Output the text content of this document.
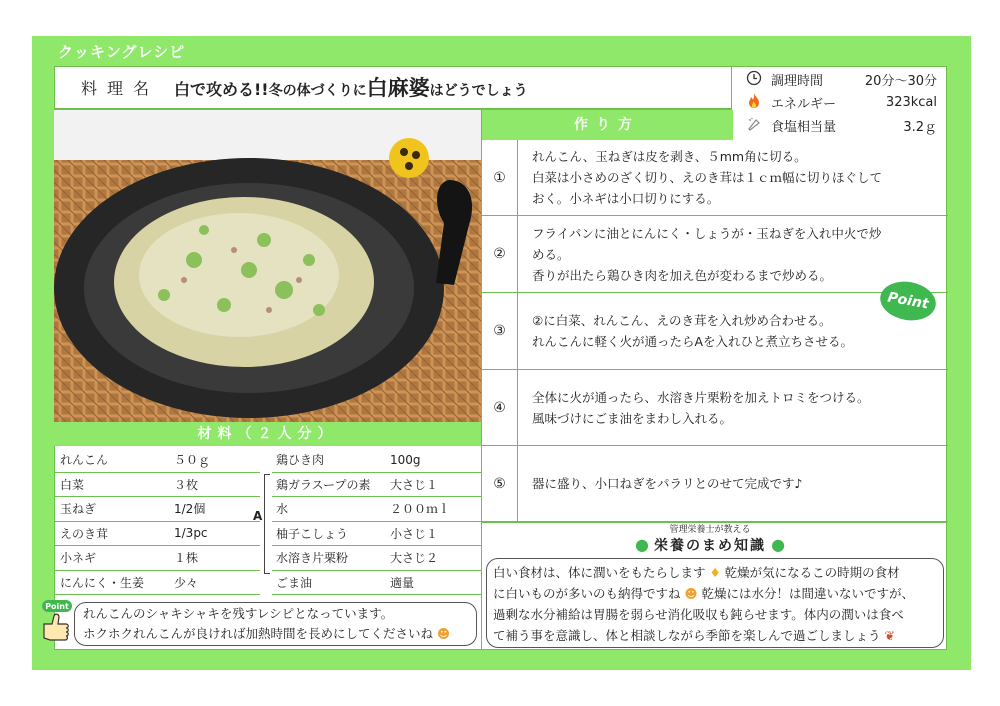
クッキングレシピ
料理名 白で攻める!!冬の体づくりに白麻婆はどうでしょう
調理時間	20分〜30分
エネルギー	323kcal
食塩相当量	3.2ｇ
作り方
①
れんこん、玉ねぎは皮を剥き、５mm角に切る。
白菜は小さめのざく切り、えのき茸は１ｃｍ幅に切りほぐして
おく。小ネギは小口切りにする。
②
フライパンに油とにんにく・しょうが・玉ねぎを入れ中火で炒
める。
香りが出たら鶏ひき肉を加え色が変わるまで炒める。
③
②に白菜、れんこん、えのき茸を入れ炒め合わせる。
れんこんに軽く火が通ったらAを入れひと煮立ちさせる。
④
全体に火が通ったら、水溶き片栗粉を加えトロミをつける。
風味づけにごま油をまわし入れる。
⑤	器に盛り、小口ねぎをパラリとのせて完成です♪
Point
材料（２人分）
れんこん	５０ｇ
白菜	３枚
玉ねぎ	1/2個
えのき茸	1/3pc
小ネギ	１株
にんにく・生姜	少々
A
鶏ひき肉	100g
鶏ガラスープの素	大さじ１
水	２００ｍｌ
柚子こしょう	小さじ１
水溶き片栗粉	大さじ２
ごま油	適量
Point れんこんのシャキシャキを残すレシピとなっています。
ホクホクれんこんが良ければ加熱時間を長めにしてくださいね ☻
管理栄養士が教える
● 栄養のまめ知識 ●
白い食材は、体に潤いをもたらします ♦ 乾燥が気になるこの時期の食材
に白いものが多いのも納得ですね ☻ 乾燥には水分！は間違いないですが、
過剰な水分補給は胃腸を弱らせ消化吸収も鈍らせます。体内の潤いは食べ
て補う事を意識し、体と相談しながら季節を楽しんで過ごしましょう ❦
